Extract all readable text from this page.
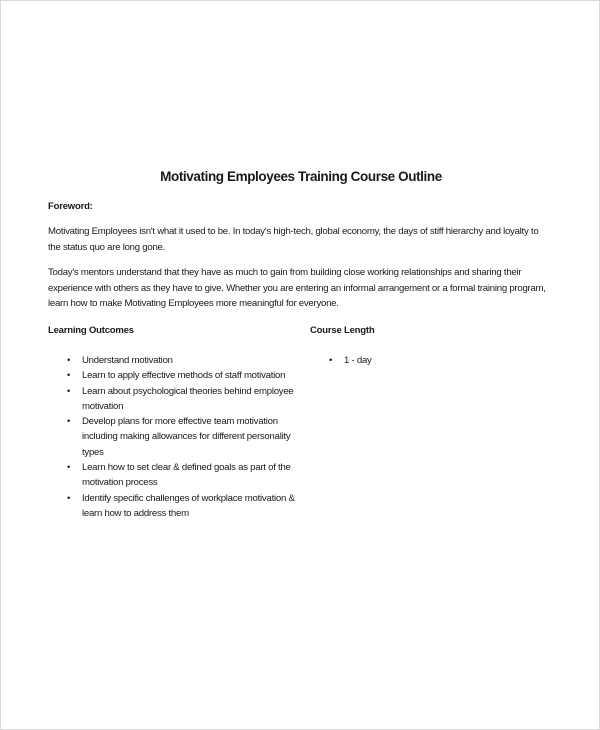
Motivating Employees Training Course Outline
Foreword:
Motivating Employees isn't what it used to be. In today's high-tech, global economy, the days of stiff hierarchy and loyalty to the status quo are long gone.
Today's mentors understand that they have as much to gain from building close working relationships and sharing their experience with others as they have to give. Whether you are entering an informal arrangement or a formal training program, learn how to make Motivating Employees more meaningful for everyone.
Learning Outcomes	Course Length
• Understand motivation
• Learn to apply effective methods of staff motivation
• Learn about psychological theories behind employee motivation
• Develop plans for more effective team motivation including making allowances for different personality types
• Learn how to set clear & defined goals as part of the motivation process
• Identify specific challenges of workplace motivation & learn how to address them
• 1 - day
